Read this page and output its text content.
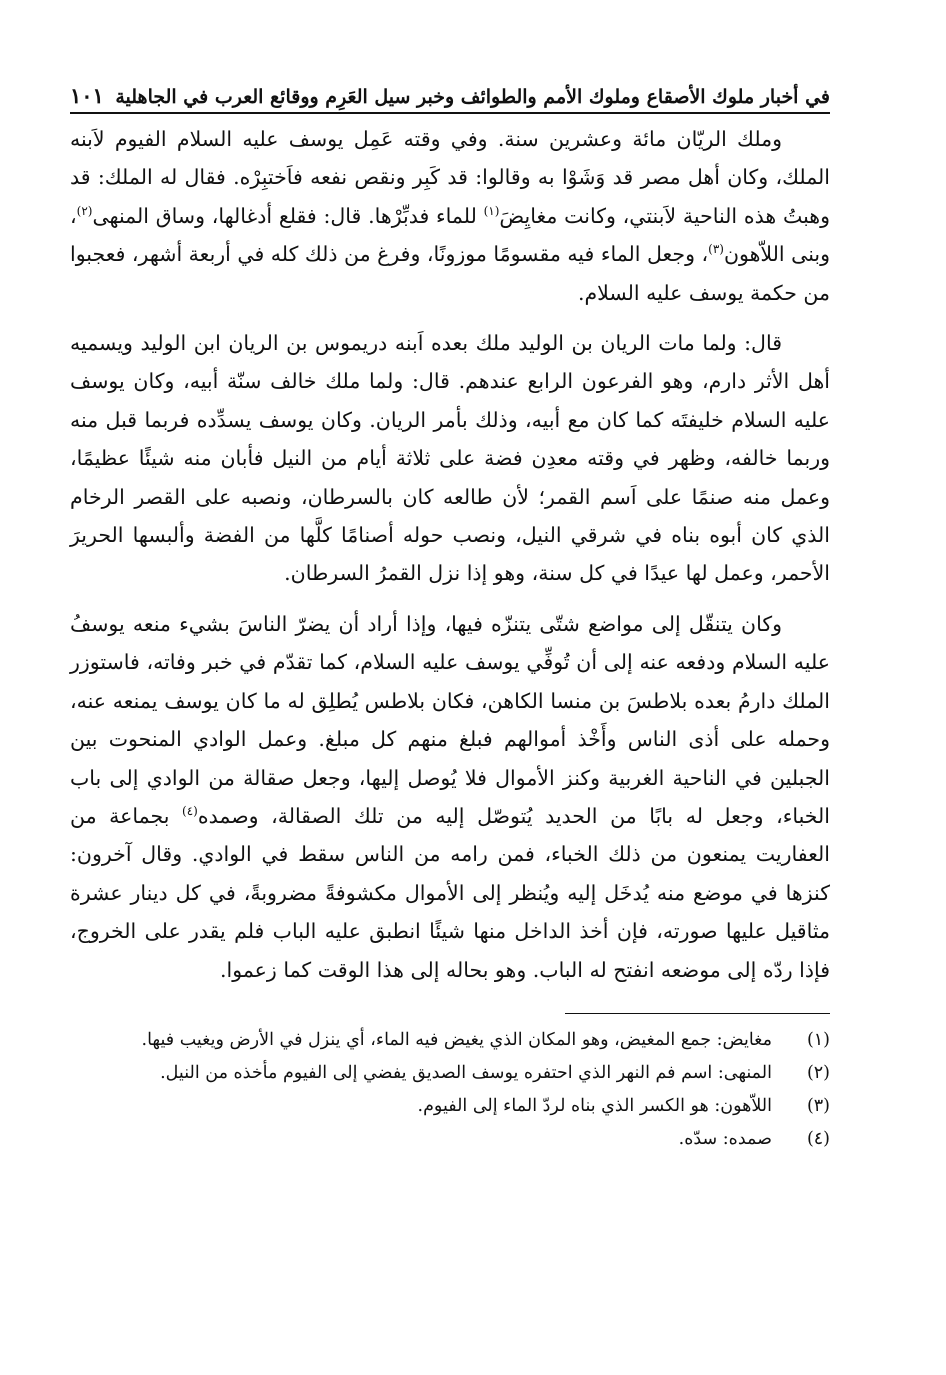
في أخبار ملوك الأصقاع وملوك الأمم والطوائف وخبر سيل العَرِم ووقائع العرب في الجاهلية
١٠١

وملك الريّان مائة وعشرين سنة. وفي وقته عَمِل يوسف عليه السلام الفيوم لاَبنه الملك، وكان أهل مصر قد وَشَوْا به وقالوا: قد كَبِر ونقص نفعه فاَختبِرْه. فقال له الملك: قد وهبتُ هذه الناحية لاَبنتي، وكانت مغايِضَ$^{(١)}$ للماء فدبِّرْها. قال: فقلع أدغالها، وساق المنهى$^{(٢)}$، وبنى اللاّهون$^{(٣)}$، وجعل الماء فيه مقسومًا موزونًا، وفرغ من ذلك كله في أربعة أشهر، فعجبوا من حكمة يوسف عليه السلام.

قال: ولما مات الريان بن الوليد ملك بعده اَبنه دريموس بن الريان ابن الوليد ويسميه أهل الأثر دارم، وهو الفرعون الرابع عندهم. قال: ولما ملك خالف سنّة أبيه، وكان يوسف عليه السلام خليفتَه كما كان مع أبيه، وذلك بأمر الريان. وكان يوسف يسدِّده فربما قبل منه وربما خالفه، وظهر في وقته معدِن فضة على ثلاثة أيام من النيل فأبان منه شيئًا عظيمًا، وعمل منه صنمًا على اَسم القمر؛ لأن طالعه كان بالسرطان، ونصبه على القصر الرخام الذي كان أبوه بناه في شرقي النيل، ونصب حوله أصنامًا كلَّها من الفضة وألبسها الحريرَ الأحمر، وعمل لها عيدًا في كل سنة، وهو إذا نزل القمرُ السرطان.

وكان يتنقّل إلى مواضع شتّى يتنزّه فيها، وإذا أراد أن يضرّ الناسَ بشيء منعه يوسفُ عليه السلام ودفعه عنه إلى أن تُوفِّي يوسف عليه السلام، كما تقدّم في خبر وفاته، فاستوزر الملك دارمُ بعده بلاطسَ بن منسا الكاهن، فكان بلاطس يُطلِق له ما كان يوسف يمنعه عنه، وحمله على أذى الناس وأَخْذ أموالهم فبلغ منهم كل مبلغ. وعمل الوادي المنحوت بين الجبلين في الناحية الغربية وكنز الأموال فلا يُوصل إليها، وجعل صقالة من الوادي إلى باب الخباء، وجعل له بابًا من الحديد يُتوصّل إليه من تلك الصقالة، وصمده$^{(٤)}$ بجماعة من العفاريت يمنعون من ذلك الخباء، فمن رامه من الناس سقط في الوادي. وقال آخرون: كنزها في موضع منه يُدخَل إليه ويُنظر إلى الأموال مكشوفةً مضروبةً، في كل دينار عشرة مثاقيل عليها صورته، فإن أخذ الداخل منها شيئًا انطبق عليه الباب فلم يقدر على الخروج، فإذا ردّه إلى موضعه انفتح له الباب. وهو بحاله إلى هذا الوقت كما زعموا.

(١)
مغايض: جمع المغيض، وهو المكان الذي يغيض فيه الماء، أي ينزل في الأرض ويغيب فيها.
(٢)
المنهى: اسم فم النهر الذي احتفره يوسف الصديق يفضي إلى الفيوم مأخذه من النيل.
(٣)
اللاّهون: هو الكسر الذي بناه لردّ الماء إلى الفيوم.
(٤)
صمده: سدّه.
